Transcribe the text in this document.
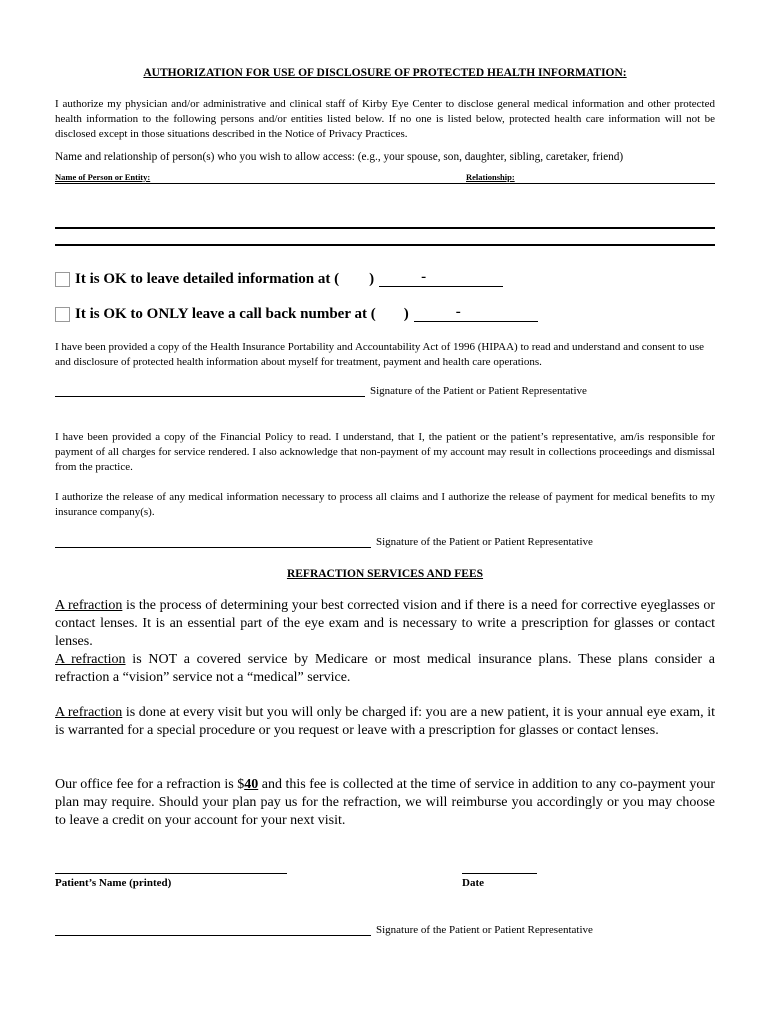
AUTHORIZATION FOR USE OF DISCLOSURE OF PROTECTED HEALTH INFORMATION:
I authorize my physician and/or administrative and clinical staff of Kirby Eye Center to disclose general medical information and other protected health information to the following persons and/or entities listed below. If no one is listed below, protected health care information will not be disclosed except in those situations described in the Notice of Privacy Practices.
Name and relationship of person(s) who you wish to allow access: (e.g., your spouse, son, daughter, sibling, caretaker, friend)
Name of Person or Entity:	Relationship:
It is OK to leave detailed information at ( )	-
It is OK to ONLY leave a call back number at ( )	-
I have been provided a copy of the Health Insurance Portability and Accountability Act of 1996 (HIPAA) to read and understand and consent to use and disclosure of protected health information about myself for treatment, payment and health care operations.
Signature of the Patient or Patient Representative
I have been provided a copy of the Financial Policy to read. I understand, that I, the patient or the patient’s representative, am/is responsible for payment of all charges for service rendered. I also acknowledge that non-payment of my account may result in collections proceedings and dismissal from the practice.
I authorize the release of any medical information necessary to process all claims and I authorize the release of payment for medical benefits to my insurance company(s).
Signature of the Patient or Patient Representative
REFRACTION SERVICES AND FEES
A refraction is the process of determining your best corrected vision and if there is a need for corrective eyeglasses or contact lenses. It is an essential part of the eye exam and is necessary to write a prescription for glasses or contact lenses.
A refraction is NOT a covered service by Medicare or most medical insurance plans. These plans consider a refraction a “vision” service not a “medical” service.
A refraction is done at every visit but you will only be charged if: you are a new patient, it is your annual eye exam, it is warranted for a special procedure or you request or leave with a prescription for glasses or contact lenses.
Our office fee for a refraction is $40 and this fee is collected at the time of service in addition to any co-payment your plan may require. Should your plan pay us for the refraction, we will reimburse you accordingly or you may choose to leave a credit on your account for your next visit.
Patient’s Name (printed)	Date
Signature of the Patient or Patient Representative
